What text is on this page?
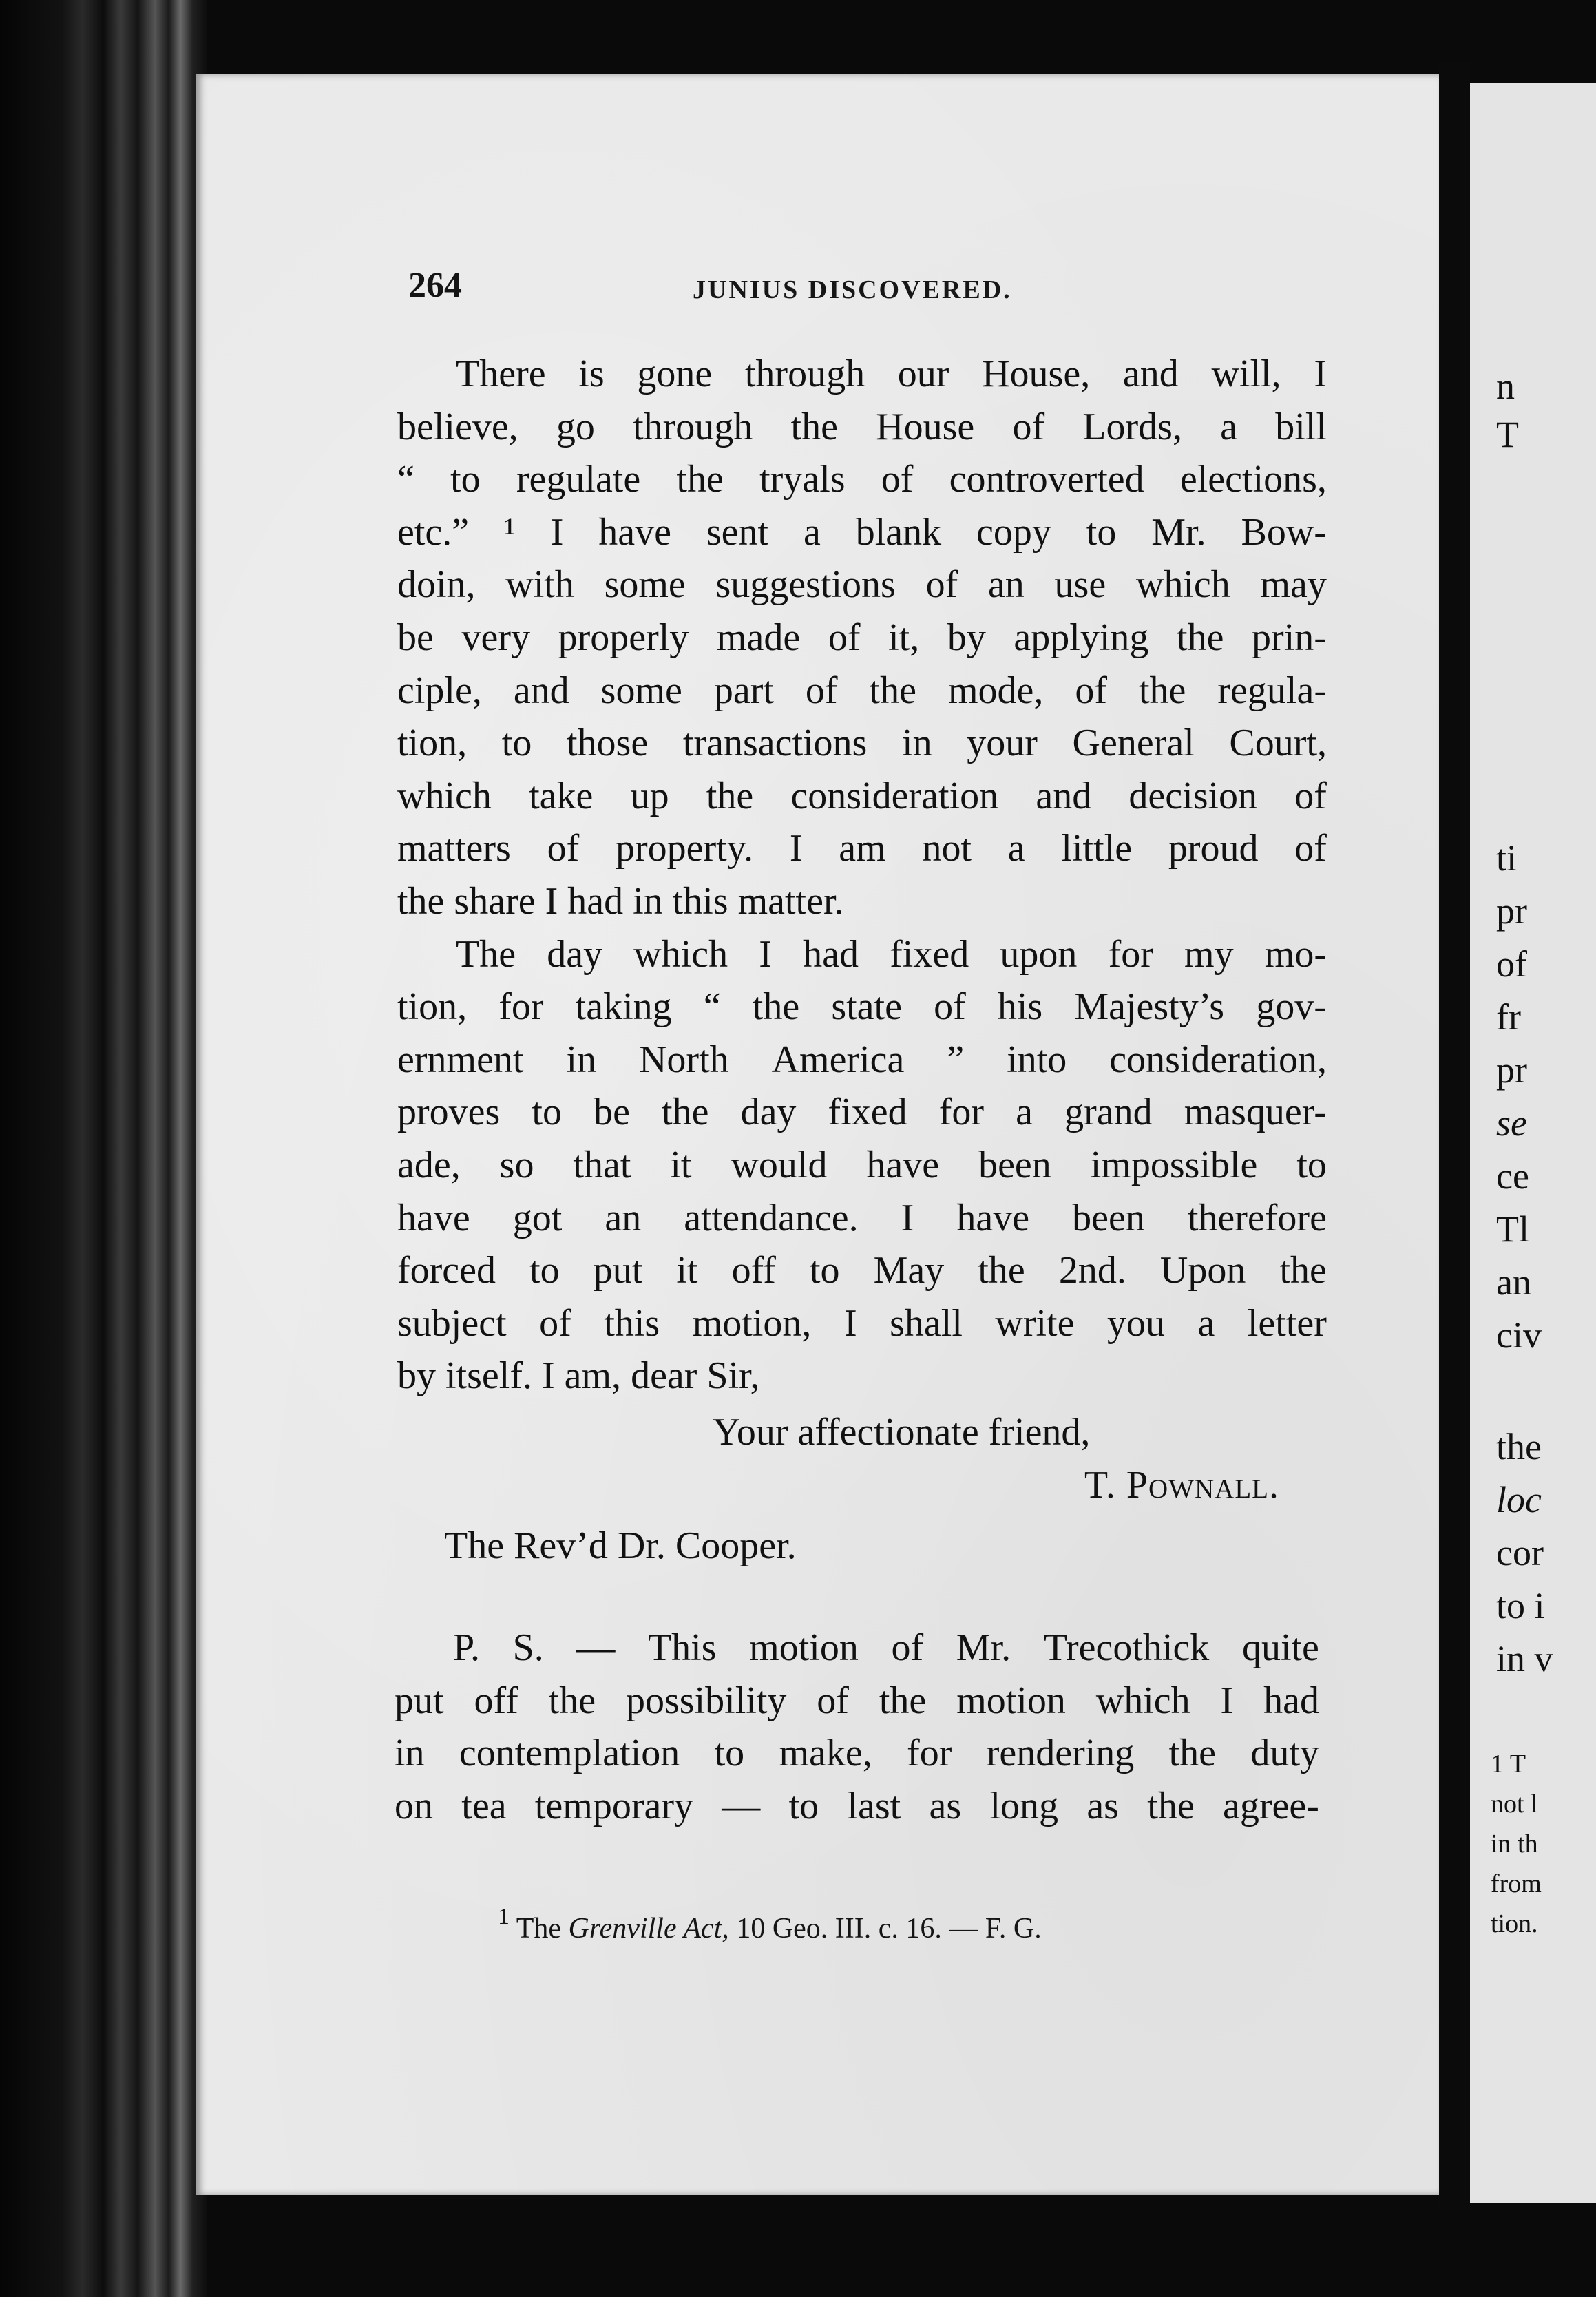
264	JUNIUS DISCOVERED.
There is gone through our House, and will, I
believe, go through the House of Lords, a bill
“ to regulate the tryals of controverted elections,
etc.” ¹ I have sent a blank copy to Mr. Bow-
doin, with some suggestions of an use which may
be very properly made of it, by applying the prin-
ciple, and some part of the mode, of the regula-
tion, to those transactions in your General Court,
which take up the consideration and decision of
matters of property. I am not a little proud of
the share I had in this matter.
The day which I had fixed upon for my mo-
tion, for taking “ the state of his Majesty’s gov-
ernment in North America ” into consideration,
proves to be the day fixed for a grand masquer-
ade, so that it would have been impossible to
have got an attendance. I have been therefore
forced to put it off to May the 2nd. Upon the
subject of this motion, I shall write you a letter
by itself. I am, dear Sir,
Your affectionate friend,
T. Pownall.
The Rev’d Dr. Cooper.
P. S. — This motion of Mr. Trecothick quite
put off the possibility of the motion which I had
in contemplation to make, for rendering the duty
on tea temporary — to last as long as the agree-
$^1$ The Grenville Act, 10 Geo. III. c. 16. — F. G.
n
T
ti
pr
of
fr
pr
se
ce
Tl
an
civ
the
loc
cor
to i
in v
1 T
not l
in th
from
tion.
